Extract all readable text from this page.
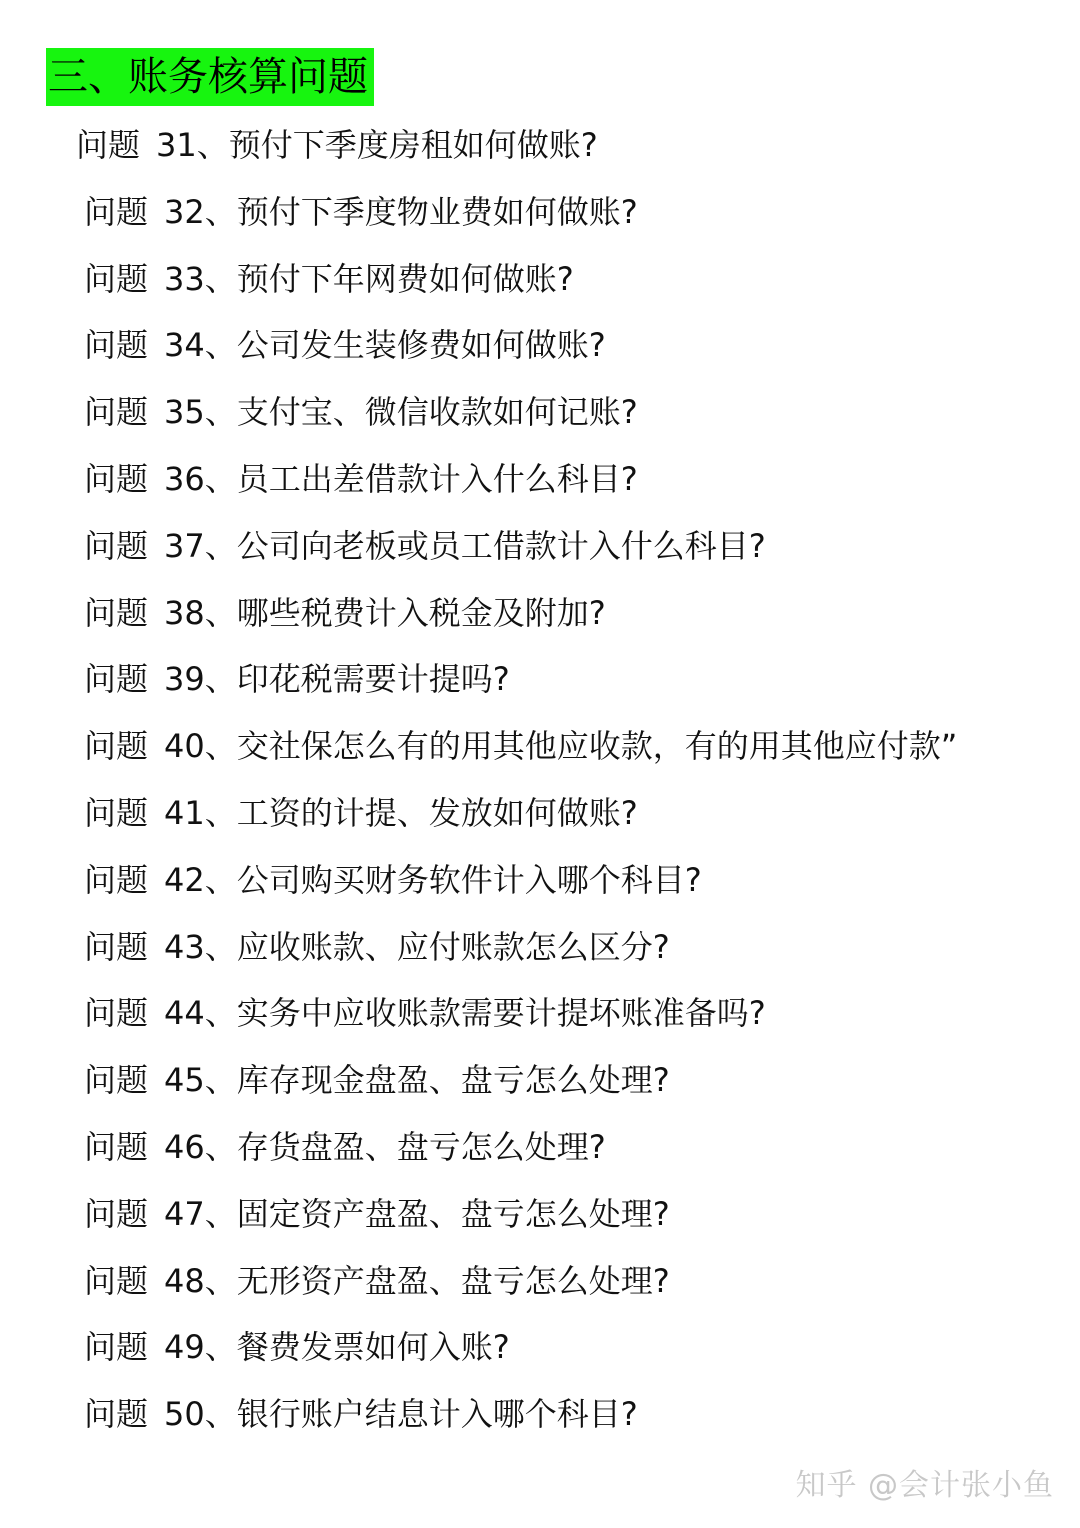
三、账务核算问题
问题 31、预付下季度房租如何做账?
问题 32、预付下季度物业费如何做账?
问题 33、预付下年网费如何做账?
问题 34、公司发生装修费如何做账?
问题 35、支付宝、微信收款如何记账?
问题 36、员工出差借款计入什么科目?
问题 37、公司向老板或员工借款计入什么科目?
问题 38、哪些税费计入税金及附加?
问题 39、印花税需要计提吗?
问题 40、交社保怎么有的用其他应收款，有的用其他应付款”
问题 41、工资的计提、发放如何做账?
问题 42、公司购买财务软件计入哪个科目?
问题 43、应收账款、应付账款怎么区分?
问题 44、实务中应收账款需要计提坏账准备吗?
问题 45、库存现金盘盈、盘亏怎么处理?
问题 46、存货盘盈、盘亏怎么处理?
问题 47、固定资产盘盈、盘亏怎么处理?
问题 48、无形资产盘盈、盘亏怎么处理?
问题 49、餐费发票如何入账?
问题 50、银行账户结息计入哪个科目?
知乎 @会计张小鱼
